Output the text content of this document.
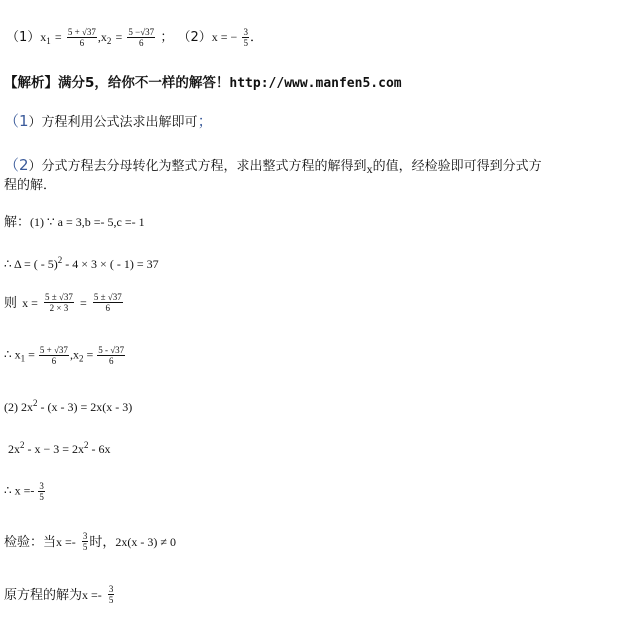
$(1)x_1 = \frac{5 + √37}{6} ,x_2 = \frac{5 -√37}{6}$ ； （2）x = − $\frac{3}{5}$ ．
【解析】满分5，给你不一样的解答！http://www.manfen5.com
（1）方程利用公式法求出解即可；
（2）分式方程去分母转化为整式方程，求出整式方程的解得到x的值，经检验即可得到分式方
程的解．
解：(1) ∵ a = 3,b =- 5,c =- 1
∴ Δ = ( - 5)$^2$ - 4 × 3 × ( - 1) = 37
则 $x = \frac{5 \pm √37}{2 \times 3} = \frac{5 \pm √37}{6}$
∴ $x_1 = \frac{5 + √37}{6} ,x_2 = \frac{5 - √37}{6}$
(2) $2x^2 - (x - 3) = 2x(x - 3)$
$2x^2 - x - 3 = 2x^2 - 6x$
∴ $x =- \frac{3}{5}$
检验：当$x =- \frac{3}{5}$ 时，2x(x - 3) ≠ 0
原方程的解为$x =- \frac{3}{5}$
